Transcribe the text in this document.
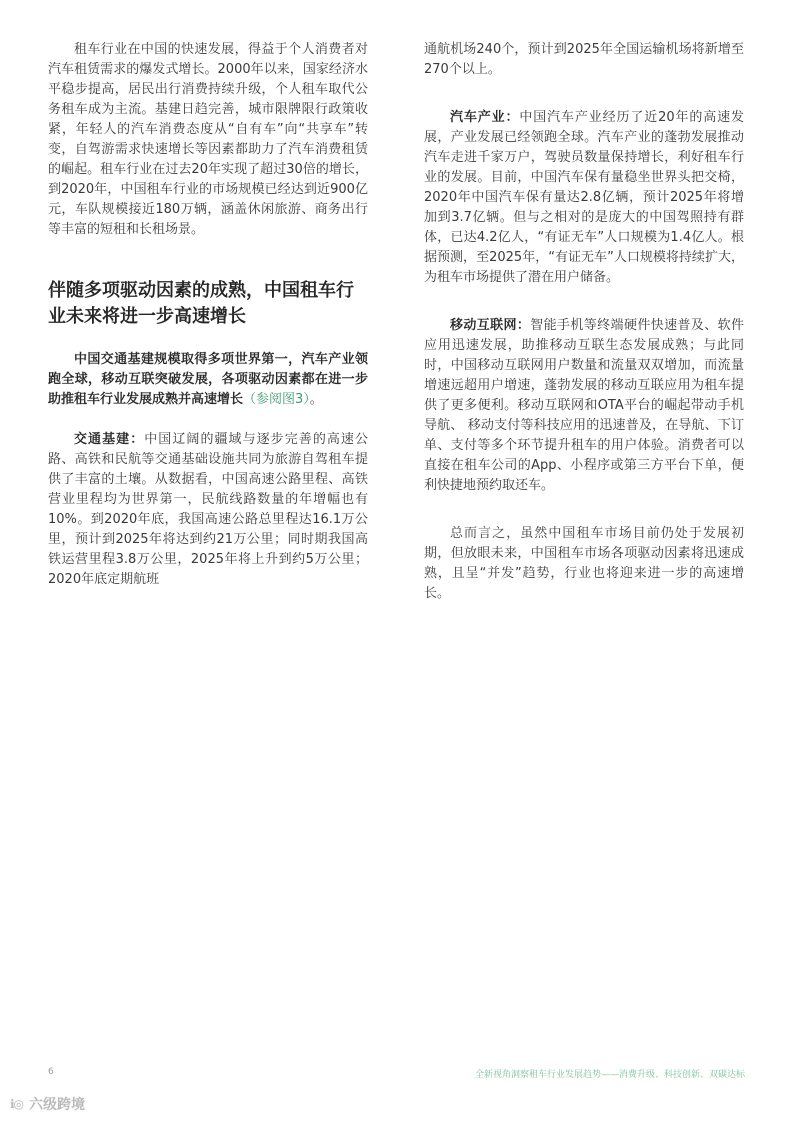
租车行业在中国的快速发展，得益于个人消费者对汽车租赁需求的爆发式增长。2000年以来，国家经济水平稳步提高，居民出行消费持续升级，个人租车取代公务租车成为主流。基建日趋完善，城市限牌限行政策收紧，年轻人的汽车消费态度从“自有车”向“共享车”转变，自驾游需求快速增长等因素都助力了汽车消费租赁的崛起。租车行业在过去20年实现了超过30倍的增长，到2020年，中国租车行业的市场规模已经达到近900亿元，车队规模接近180万辆，涵盖休闲旅游、商务出行等丰富的短租和长租场景。

伴随多项驱动因素的成熟，中国租车行业未来将进一步高速增长

中国交通基建规模取得多项世界第一，汽车产业领跑全球，移动互联突破发展，各项驱动因素都在进一步助推租车行业发展成熟并高速增长（参阅图3）。

交通基建：中国辽阔的疆域与逐步完善的高速公路、高铁和民航等交通基础设施共同为旅游自驾租车提供了丰富的土壤。从数据看，中国高速公路里程、高铁营业里程均为世界第一，民航线路数量的年增幅也有10%。到2020年底，我国高速公路总里程达16.1万公里，预计到2025年将达到约21万公里；同时期我国高铁运营里程3.8万公里，2025年将上升到约5万公里；2020年底定期航班

通航机场240个，预计到2025年全国运输机场将新增至270个以上。

汽车产业：中国汽车产业经历了近20年的高速发展，产业发展已经领跑全球。汽车产业的蓬勃发展推动汽车走进千家万户，驾驶员数量保持增长，利好租车行业的发展。目前，中国汽车保有量稳坐世界头把交椅，2020年中国汽车保有量达2.8亿辆，预计2025年将增加到3.7亿辆。但与之相对的是庞大的中国驾照持有群体，已达4.2亿人，“有证无车”人口规模为1.4亿人。根据预测，至2025年，“有证无车”人口规模将持续扩大，为租车市场提供了潜在用户储备。

移动互联网：智能手机等终端硬件快速普及、软件应用迅速发展，助推移动互联生态发展成熟；与此同时，中国移动互联网用户数量和流量双双增加，而流量增速远超用户增速，蓬勃发展的移动互联应用为租车提供了更多便利。移动互联网和OTA平台的崛起带动手机导航、 移动支付等科技应用的迅速普及，在导航、下订单、支付等多个环节提升租车的用户体验。消费者可以直接在租车公司的App、小程序或第三方平台下单，便利快捷地预约取还车。

总而言之，虽然中国租车市场目前仍处于发展初期，但放眼未来，中国租车市场各项驱动因素将迅速成熟，且呈“并发”趋势，行业也将迎来进一步的高速增长。

6	全新视角洞察租车行业发展趋势——消费升级、科技创新、双碳达标
ℹ◎ 六级跨境
